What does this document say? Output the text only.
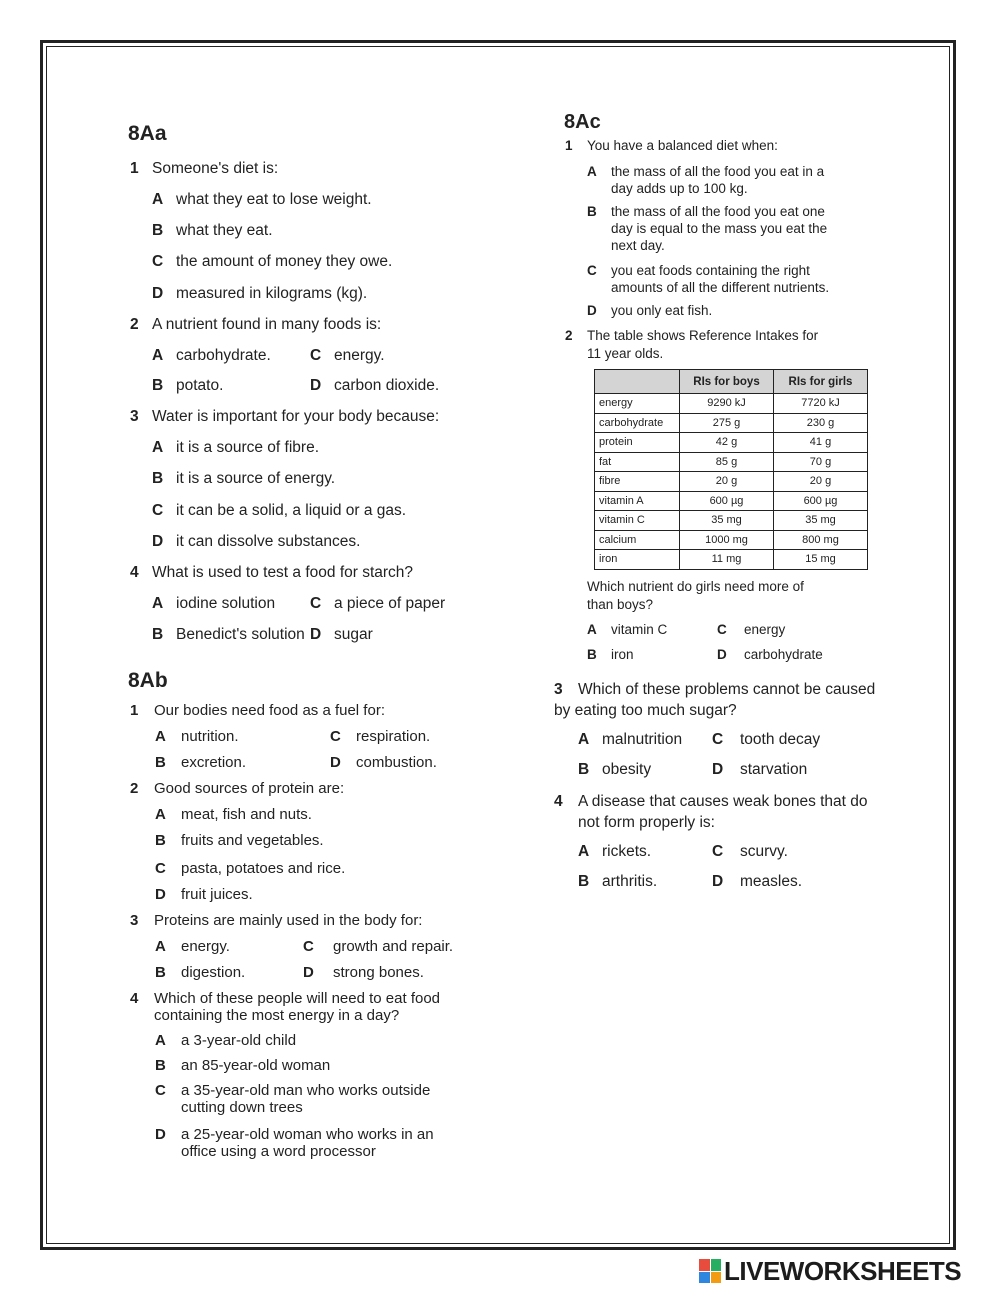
8Aa
1 Someone's diet is:
A what they eat to lose weight.
B what they eat.
C the amount of money they owe.
D measured in kilograms (kg).
2 A nutrient found in many foods is:
A carbohydrate.	C energy.
B potato.	D carbon dioxide.
3 Water is important for your body because:
A it is a source of fibre.
B it is a source of energy.
C it can be a solid, a liquid or a gas.
D it can dissolve substances.
4 What is used to test a food for starch?
A iodine solution C a piece of paper
B Benedict's solution D sugar
8Ab
1 Our bodies need food as a fuel for:
A nutrition.	C respiration.
B excretion.	D combustion.
2 Good sources of protein are:
A meat, fish and nuts.
B fruits and vegetables.
C pasta, potatoes and rice.
D fruit juices.
3 Proteins are mainly used in the body for:
A energy.	C growth and repair.
B digestion.	D strong bones.
4 Which of these people will need to eat food
containing the most energy in a day?
A a 3-year-old child
B an 85-year-old woman
C a 35-year-old man who works outside
cutting down trees
D a 25-year-old woman who works in an
office using a word processor
8Ac
1 You have a balanced diet when:
A the mass of all the food you eat in a
day adds up to 100 kg.
B the mass of all the food you eat one
day is equal to the mass you eat the
next day.
C you eat foods containing the right
amounts of all the different nutrients.
D you only eat fish.
2 The table shows Reference Intakes for
11 year olds.
	RIs for boys	RIs for girls
energy	9290 kJ	7720 kJ
carbohydrate	275 g	230 g
protein	42 g	41 g
fat	85 g	70 g
fibre	20 g	20 g
vitamin A	600 µg	600 µg
vitamin C	35 mg	35 mg
calcium	1000 mg	800 mg
iron	11 mg	15 mg
Which nutrient do girls need more of
than boys?
A vitamin C	C energy
B iron	D carbohydrate
3 Which of these problems cannot be caused
by eating too much sugar?
A malnutrition C tooth decay
B obesity	D starvation
4 A disease that causes weak bones that do
not form properly is:
A rickets.	C scurvy.
B arthritis.	D measles.
LIVEWORKSHEETS
